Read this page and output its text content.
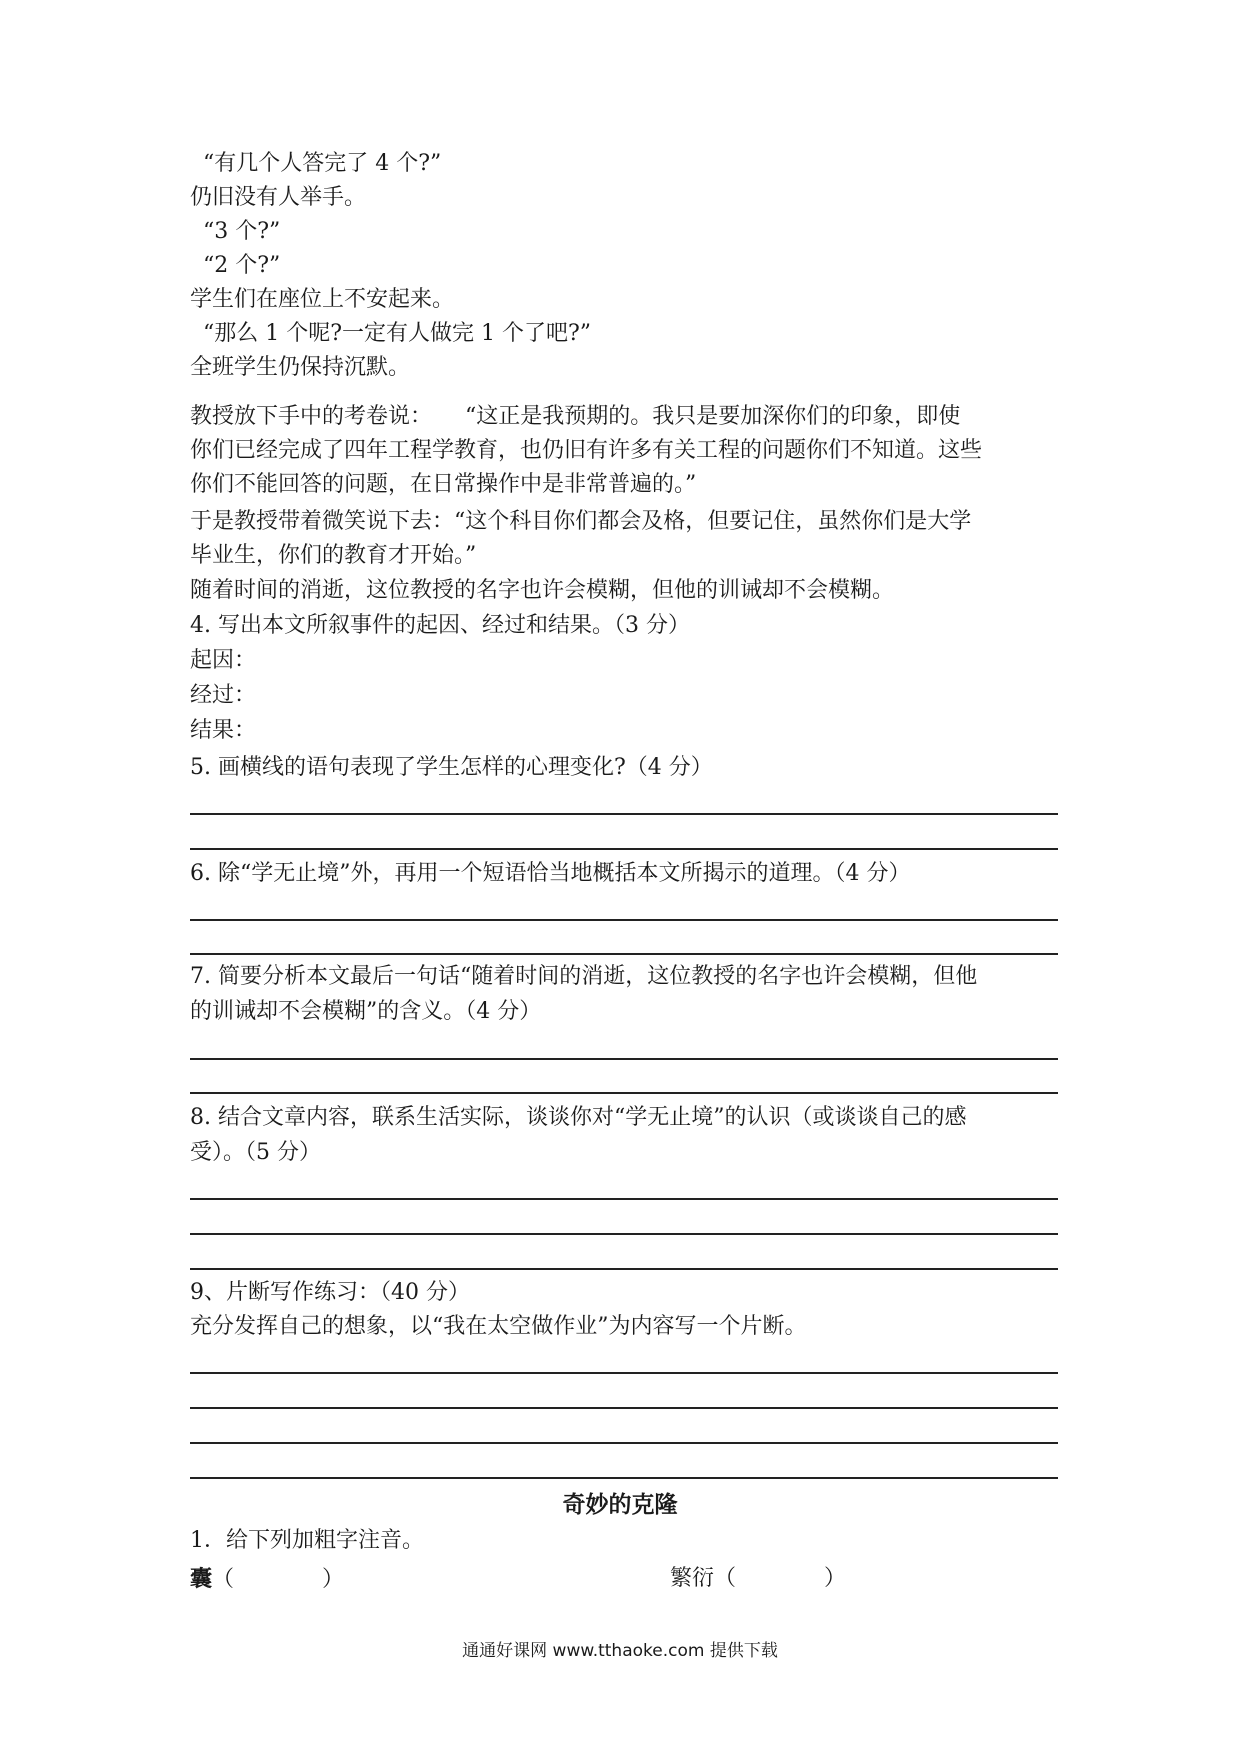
“有几个人答完了 4 个?”
仍旧没有人举手。
“3 个?”
“2 个?”
学生们在座位上不安起来。
“那么 1 个呢?一定有人做完 1 个了吧?”
全班学生仍保持沉默。
教授放下手中的考卷说：　　“这正是我预期的。我只是要加深你们的印象，即使
你们已经完成了四年工程学教育，也仍旧有许多有关工程的问题你们不知道。这些
你们不能回答的问题，在日常操作中是非常普遍的。”
于是教授带着微笑说下去：“这个科目你们都会及格，但要记住，虽然你们是大学
毕业生，你们的教育才开始。”
随着时间的消逝，这位教授的名字也许会模糊，但他的训诫却不会模糊。
4. 写出本文所叙事件的起因、经过和结果。（3 分）
起因：
经过：
结果：
5. 画横线的语句表现了学生怎样的心理变化?（4 分）
6. 除“学无止境”外，再用一个短语恰当地概括本文所揭示的道理。（4 分）
7. 简要分析本文最后一句话“随着时间的消逝，这位教授的名字也许会模糊，但他
的训诫却不会模糊”的含义。（4 分）
8. 结合文章内容，联系生活实际，谈谈你对“学无止境”的认识（或谈谈自己的感
受）。（5 分）
9、片断写作练习：（40 分）
充分发挥自己的想象，以“我在太空做作业”为内容写一个片断。
奇妙的克隆
1．给下列加粗字注音。
囊（　　　　）	繁衍（　　　　）
通通好课网 www.tthaoke.com 提供下载
